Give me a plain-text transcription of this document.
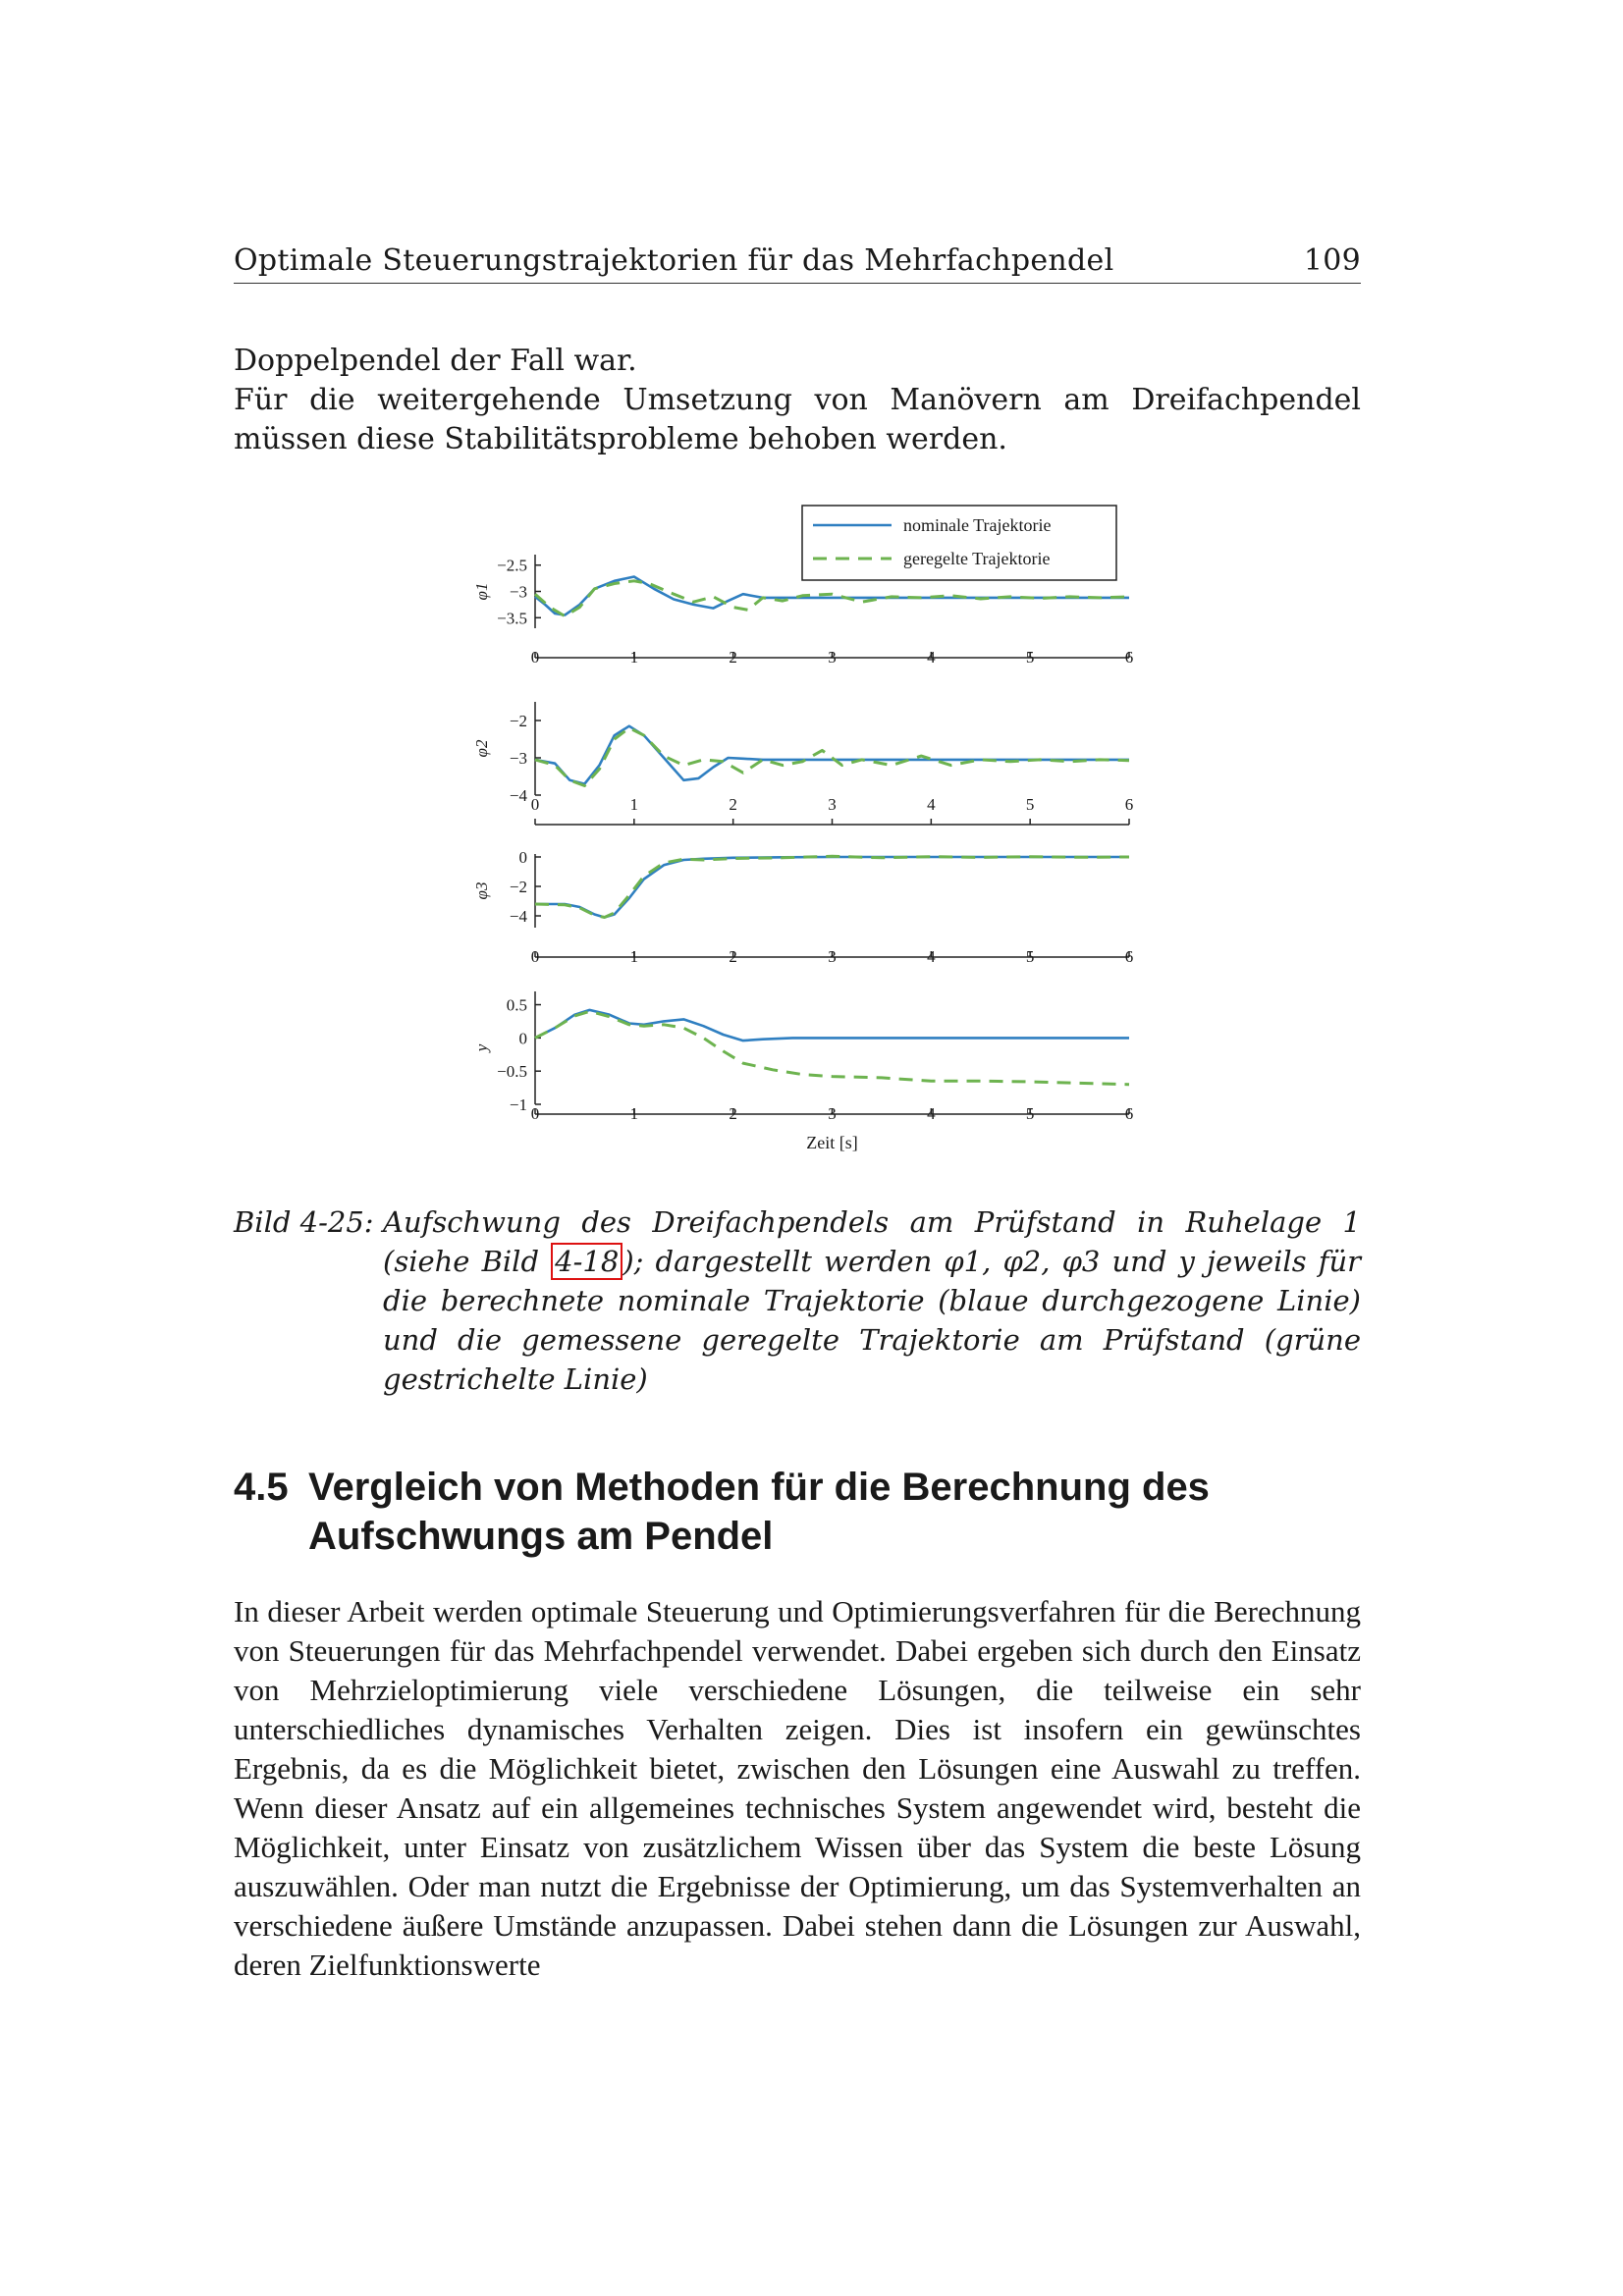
Optimale Steuerungstrajektorien für das Mehrfachpendel	109

Doppelpendel der Fall war.

Für die weitergehende Umsetzung von Manövern am Dreifachpendel müssen diese Stabilitätsprobleme behoben werden.

0	1	2	3	4	5	6
−2.5
−3
−3.5
φ1
0	1	2	3	4	5	6
−2
−3
−4
φ2
0	1	2	3	4	5	6
0
−2
−4
φ3
0	1	2	3	4	5	6
0.5
0
−0.5
−1
y
Zeit [s]
nominale Trajektorie
geregelte Trajektorie
Bild 4-25: Aufschwung des Dreifachpendels am Prüfstand in Ruhelage 1 (siehe Bild 4-18 ); dargestellt werden φ1, φ2, φ3 und y jeweils für die berechnete nominale Trajektorie (blaue durchgezogene Linie) und die gemessene geregelte Trajektorie am Prüfstand (grüne gestrichelte Linie)
4.5 Vergleich von Methoden für die Berechnung des Aufschwungs am Pendel

In dieser Arbeit werden optimale Steuerung und Optimierungsverfahren für die Berechnung von Steuerungen für das Mehrfachpendel verwendet. Dabei ergeben sich durch den Einsatz von Mehrzieloptimierung viele verschiedene Lösungen, die teilweise ein sehr unterschiedliches dynamisches Verhalten zeigen. Dies ist insofern ein gewünschtes Ergebnis, da es die Möglichkeit bietet, zwischen den Lösungen eine Auswahl zu treffen. Wenn dieser Ansatz auf ein allgemeines technisches System angewendet wird, besteht die Möglichkeit, unter Einsatz von zusätzlichem Wissen über das System die beste Lösung auszuwählen. Oder man nutzt die Ergebnisse der Optimierung, um das Systemverhalten an verschiedene äußere Umstände anzupassen. Dabei stehen dann die Lösungen zur Auswahl, deren Zielfunktionswerte
